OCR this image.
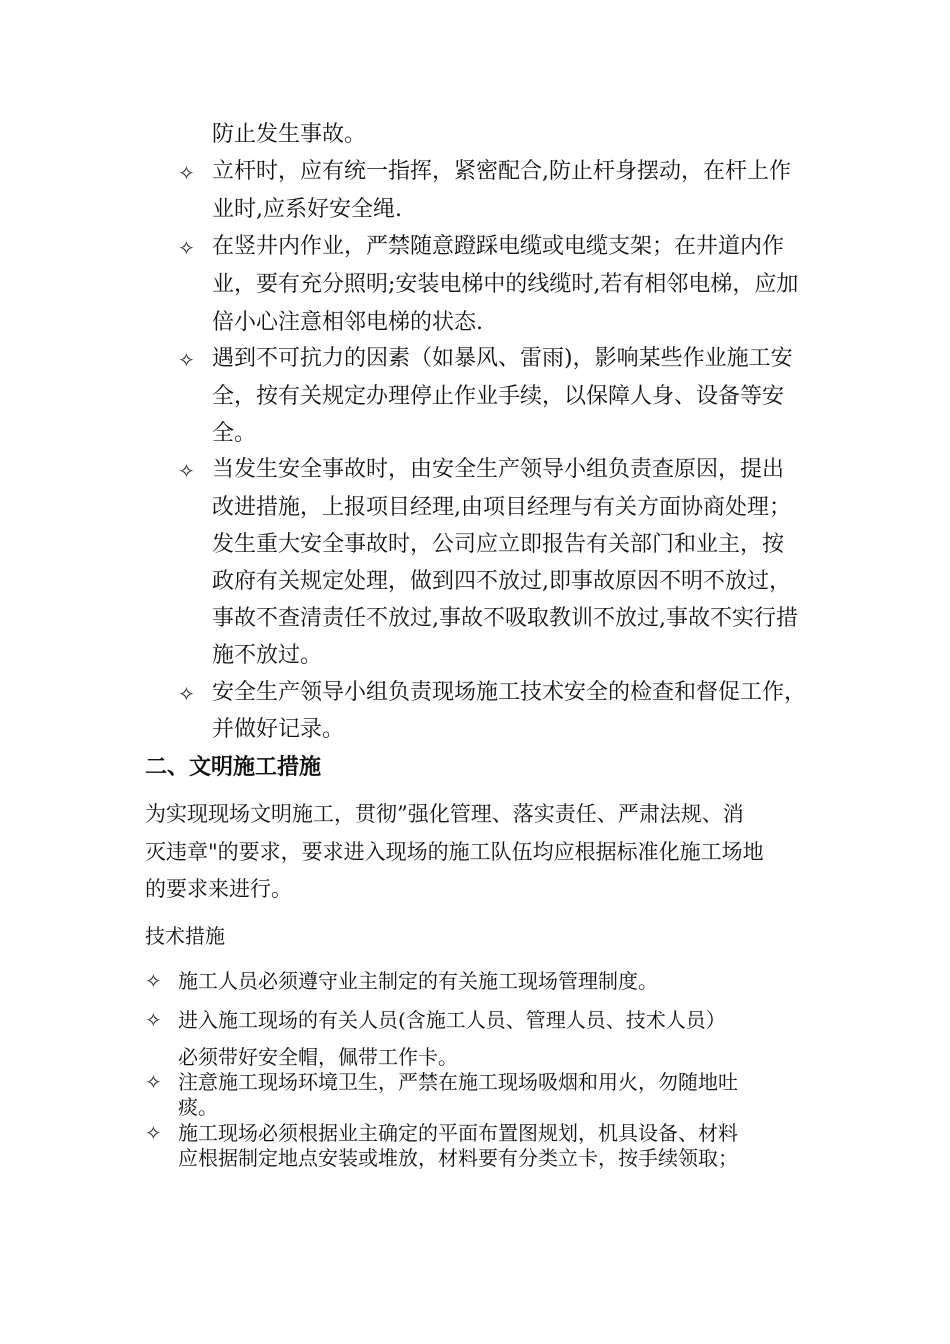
防止发生事故。
✧ 立杆时，应有统一指挥，紧密配合,防止杆身摆动，在杆上作
业时,应系好安全绳.
✧ 在竖井内作业，严禁随意蹬踩电缆或电缆支架；在井道内作
业，要有充分照明;安装电梯中的线缆时,若有相邻电梯，应加
倍小心注意相邻电梯的状态.
✧ 遇到不可抗力的因素（如暴风、雷雨)，影响某些作业施工安
全，按有关规定办理停止作业手续，以保障人身、设备等安
全。
✧ 当发生安全事故时，由安全生产领导小组负责查原因，提出
改进措施，上报项目经理,由项目经理与有关方面协商处理；
发生重大安全事故时，公司应立即报告有关部门和业主，按
政府有关规定处理，做到四不放过,即事故原因不明不放过，
事故不查清责任不放过,事故不吸取教训不放过,事故不实行措
施不放过。
✧ 安全生产领导小组负责现场施工技术安全的检查和督促工作，
并做好记录。
二、文明施工措施
为实现现场文明施工，贯彻”强化管理、落实责任、严肃法规、消
灭违章"的要求，要求进入现场的施工队伍均应根据标准化施工场地
的要求来进行。
技术措施
✧ 施工人员必须遵守业主制定的有关施工现场管理制度。
✧ 进入施工现场的有关人员(含施工人员、管理人员、技术人员）
必须带好安全帽，佩带工作卡。
✧ 注意施工现场环境卫生，严禁在施工现场吸烟和用火，勿随地吐
痰。
✧ 施工现场必须根据业主确定的平面布置图规划，机具设备、材料
应根据制定地点安装或堆放，材料要有分类立卡，按手续领取；
